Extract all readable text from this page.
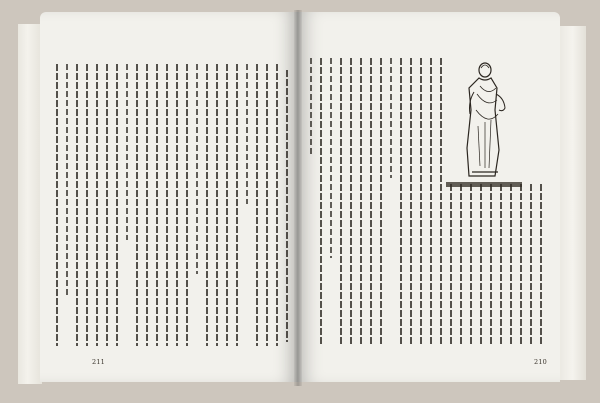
211	210
